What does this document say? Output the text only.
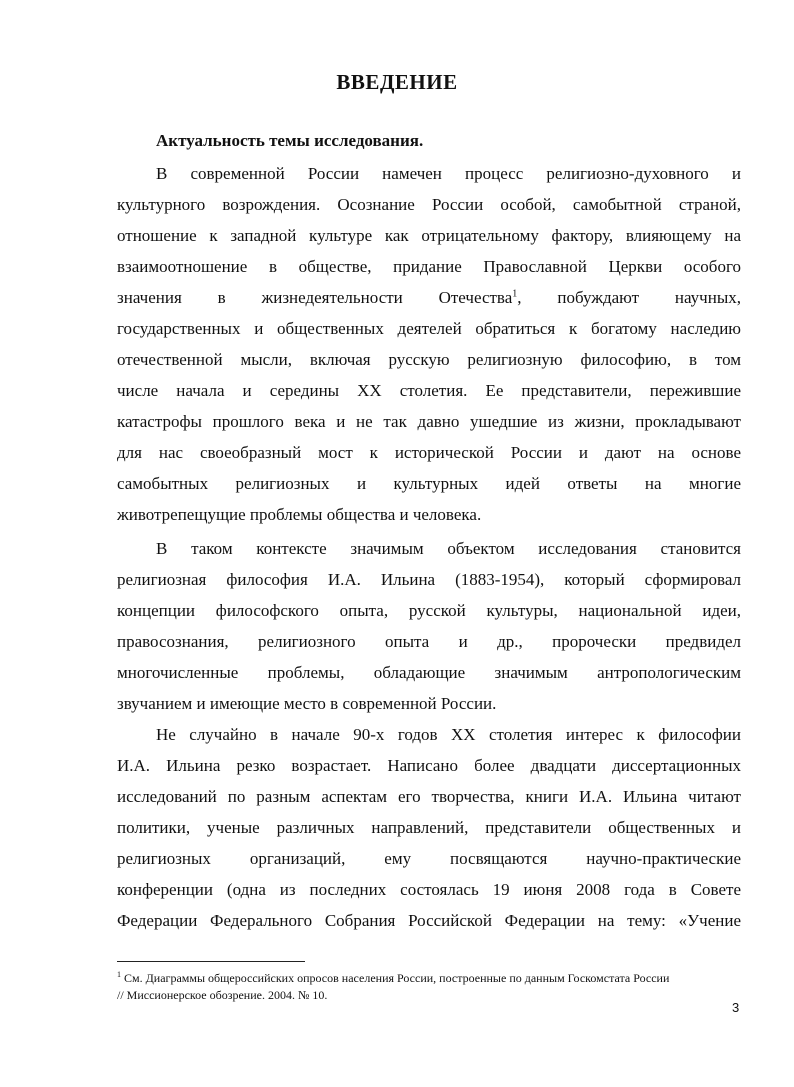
ВВЕДЕНИЕ
Актуальность темы исследования.
В современной России намечен процесс религиозно-духовного и
культурного возрождения. Осознание России особой, самобытной страной,
отношение к западной культуре как отрицательному фактору, влияющему на
взаимоотношение в обществе, придание Православной Церкви особого
значения в жизнедеятельности Отечества$^1$, побуждают научных,
государственных и общественных деятелей обратиться к богатому наследию
отечественной мысли, включая русскую религиозную философию, в том
числе начала и середины XX столетия. Ее представители, пережившие
катастрофы прошлого века и не так давно ушедшие из жизни, прокладывают
для нас своеобразный мост к исторической России и дают на основе
самобытных религиозных и культурных идей ответы на многие
животрепещущие проблемы общества и человека.
В таком контексте значимым объектом исследования становится
религиозная философия И.А. Ильина (1883-1954), который сформировал
концепции философского опыта, русской культуры, национальной идеи,
правосознания, религиозного опыта и др., пророчески предвидел
многочисленные проблемы, обладающие значимым антропологическим
звучанием и имеющие место в современной России.
Не случайно в начале 90-х годов XX столетия интерес к философии
И.А. Ильина резко возрастает. Написано более двадцати диссертационных
исследований по разным аспектам его творчества, книги И.А. Ильина читают
политики, ученые различных направлений, представители общественных и
религиозных организаций, ему посвящаются научно-практические
конференции (одна из последних состоялась 19 июня 2008 года в Совете
Федерации Федерального Собрания Российской Федерации на тему: «Учение
$^1$ См. Диаграммы общероссийских опросов населения России, построенные по данным Госкомстата России
// Миссионерское обозрение. 2004. № 10.
3
